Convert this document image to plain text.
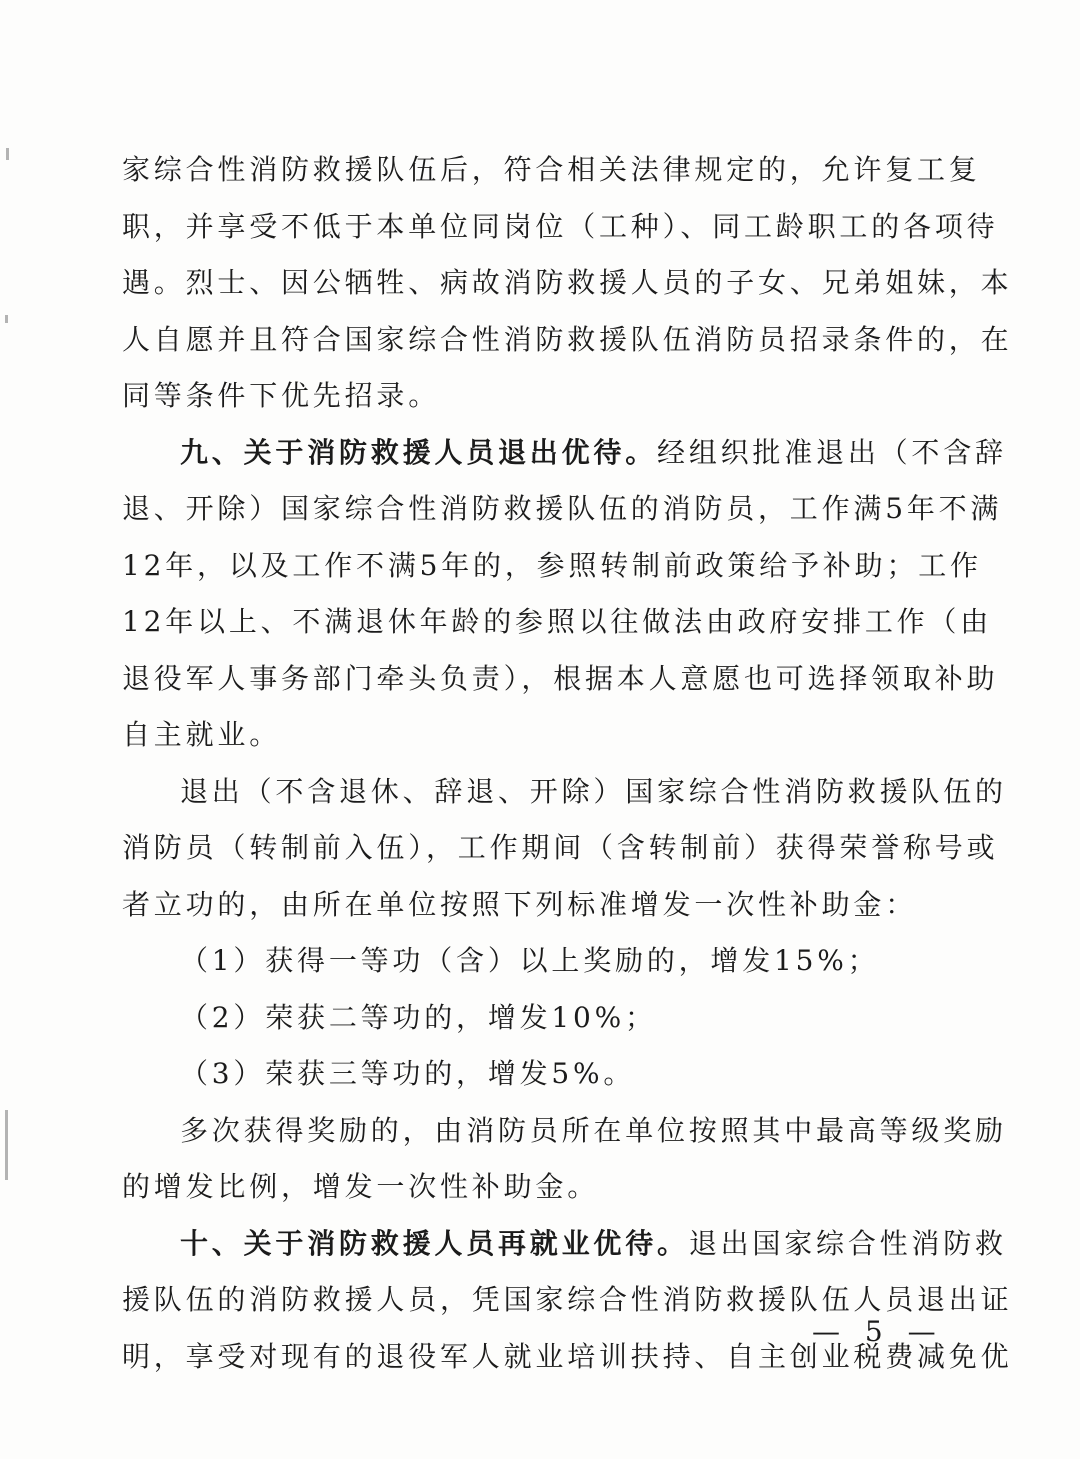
家综合性消防救援队伍后，符合相关法律规定的，允许复工复
职，并享受不低于本单位同岗位（工种）、同工龄职工的各项待
遇。烈士、因公牺牲、病故消防救援人员的子女、兄弟姐妹，本
人自愿并且符合国家综合性消防救援队伍消防员招录条件的，在
同等条件下优先招录。
九、关于消防救援人员退出优待。经组织批准退出（不含辞
退、开除）国家综合性消防救援队伍的消防员，工作满5年不满
12年，以及工作不满5年的，参照转制前政策给予补助；工作
12年以上、不满退休年龄的参照以往做法由政府安排工作（由
退役军人事务部门牵头负责），根据本人意愿也可选择领取补助
自主就业。
退出（不含退休、辞退、开除）国家综合性消防救援队伍的
消防员（转制前入伍），工作期间（含转制前）获得荣誉称号或
者立功的，由所在单位按照下列标准增发一次性补助金：
（1）获得一等功（含）以上奖励的，增发15%；
（2）荣获二等功的，增发10%；
（3）荣获三等功的，增发5%。
多次获得奖励的，由消防员所在单位按照其中最高等级奖励
的增发比例，增发一次性补助金。
十、关于消防救援人员再就业优待。退出国家综合性消防救
援队伍的消防救援人员，凭国家综合性消防救援队伍人员退出证
明，享受对现有的退役军人就业培训扶持、自主创业税费减免优
— 5 —
